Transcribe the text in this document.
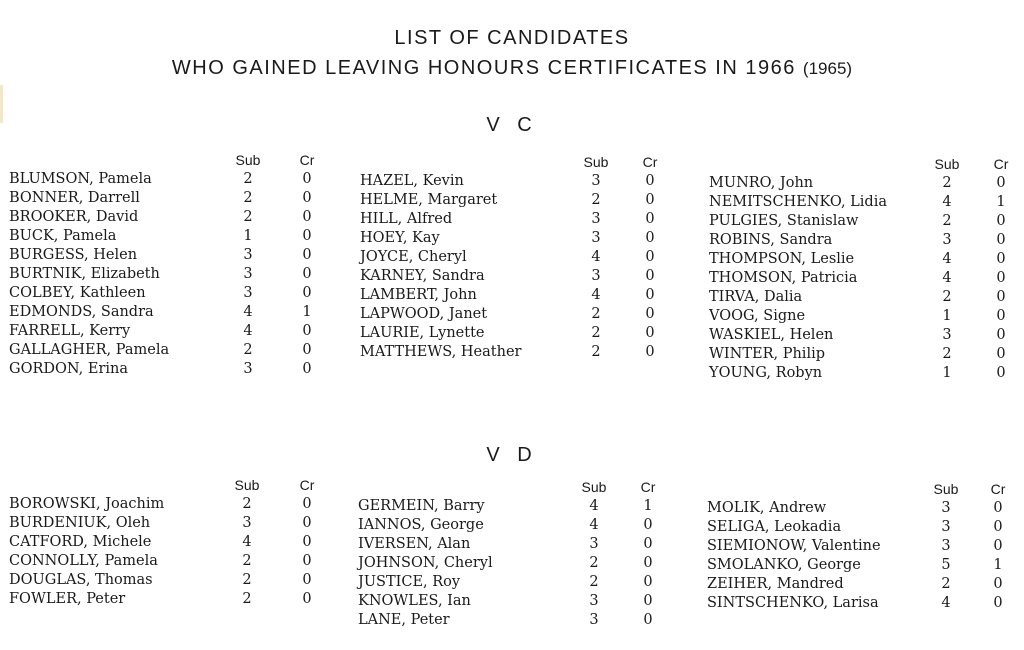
LIST OF CANDIDATES
WHO GAINED LEAVING HONOURS CERTIFICATES IN 1966 (1965)
V C
Sub	Cr
BLUMSON, Pamela	2	0
BONNER, Darrell	2	0
BROOKER, David	2	0
BUCK, Pamela	1	0
BURGESS, Helen	3	0
BURTNIK, Elizabeth	3	0
COLBEY, Kathleen	3	0
EDMONDS, Sandra	4	1
FARRELL, Kerry	4	0
GALLAGHER, Pamela	2	0
GORDON, Erina	3	0
Sub	Cr
HAZEL, Kevin	3	0
HELME, Margaret	2	0
HILL, Alfred	3	0
HOEY, Kay	3	0
JOYCE, Cheryl	4	0
KARNEY, Sandra	3	0
LAMBERT, John	4	0
LAPWOOD, Janet	2	0
LAURIE, Lynette	2	0
MATTHEWS, Heather	2	0
Sub	Cr
MUNRO, John	2	0
NEMITSCHENKO, Lidia	4	1
PULGIES, Stanislaw	2	0
ROBINS, Sandra	3	0
THOMPSON, Leslie	4	0
THOMSON, Patricia	4	0
TIRVA, Dalia	2	0
VOOG, Signe	1	0
WASKIEL, Helen	3	0
WINTER, Philip	2	0
YOUNG, Robyn	1	0
V D
Sub	Cr
BOROWSKI, Joachim	2	0
BURDENIUK, Oleh	3	0
CATFORD, Michele	4	0
CONNOLLY, Pamela	2	0
DOUGLAS, Thomas	2	0
FOWLER, Peter	2	0
Sub	Cr
GERMEIN, Barry	4	1
IANNOS, George	4	0
IVERSEN, Alan	3	0
JOHNSON, Cheryl	2	0
JUSTICE, Roy	2	0
KNOWLES, Ian	3	0
LANE, Peter	3	0
Sub	Cr
MOLIK, Andrew	3	0
SELIGA, Leokadia	3	0
SIEMIONOW, Valentine	3	0
SMOLANKO, George	5	1
ZEIHER, Mandred	2	0
SINTSCHENKO, Larisa	4	0
